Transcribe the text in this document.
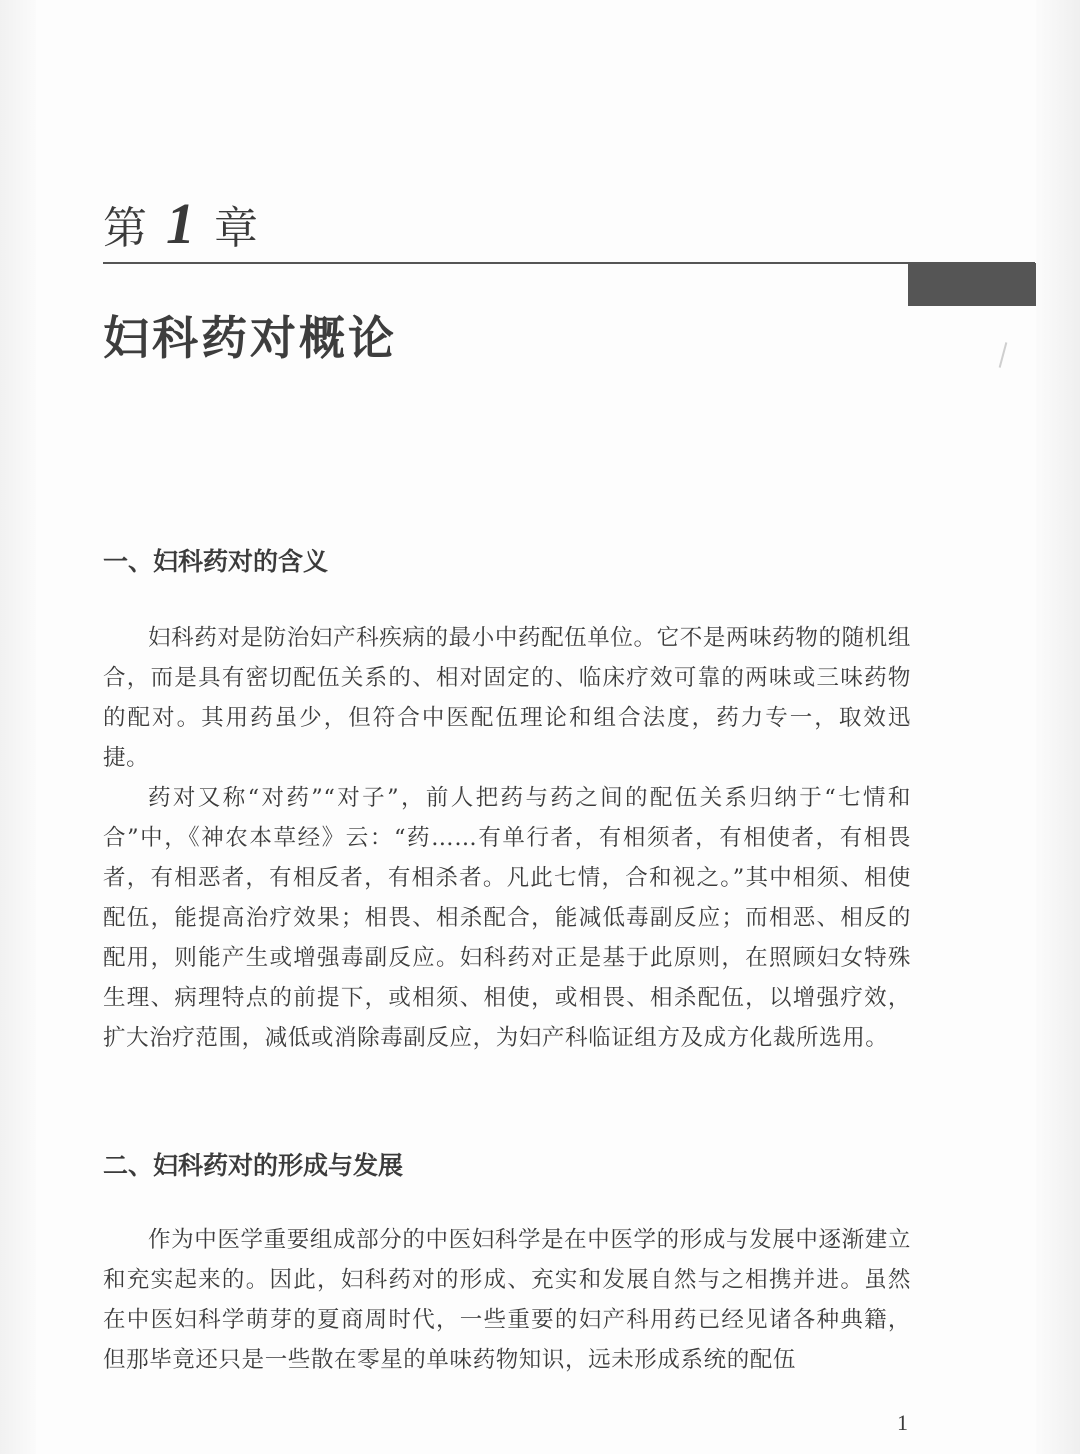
第 1 章
妇科药对概论
一、妇科药对的含义

妇科药对是防治妇产科疾病的最小中药配伍单位。它不是两味药物的随机组合，而是具有密切配伍关系的、相对固定的、临床疗效可靠的两味或三味药物的配对。其用药虽少，但符合中医配伍理论和组合法度，药力专一，取效迅捷。

药对又称“对药”“对子”，前人把药与药之间的配伍关系归纳于“七情和合”中，《神农本草经》云：“药……有单行者，有相须者，有相使者，有相畏者，有相恶者，有相反者，有相杀者。凡此七情，合和视之。”其中相须、相使配伍，能提高治疗效果；相畏、相杀配合，能减低毒副反应；而相恶、相反的配用，则能产生或增强毒副反应。妇科药对正是基于此原则，在照顾妇女特殊生理、病理特点的前提下，或相须、相使，或相畏、相杀配伍，以增强疗效，扩大治疗范围，减低或消除毒副反应，为妇产科临证组方及成方化裁所选用。

二、妇科药对的形成与发展

作为中医学重要组成部分的中医妇科学是在中医学的形成与发展中逐渐建立和充实起来的。因此，妇科药对的形成、充实和发展自然与之相携并进。虽然在中医妇科学萌芽的夏商周时代，一些重要的妇产科用药已经见诸各种典籍，但那毕竟还只是一些散在零星的单味药物知识，远未形成系统的配伍

1
